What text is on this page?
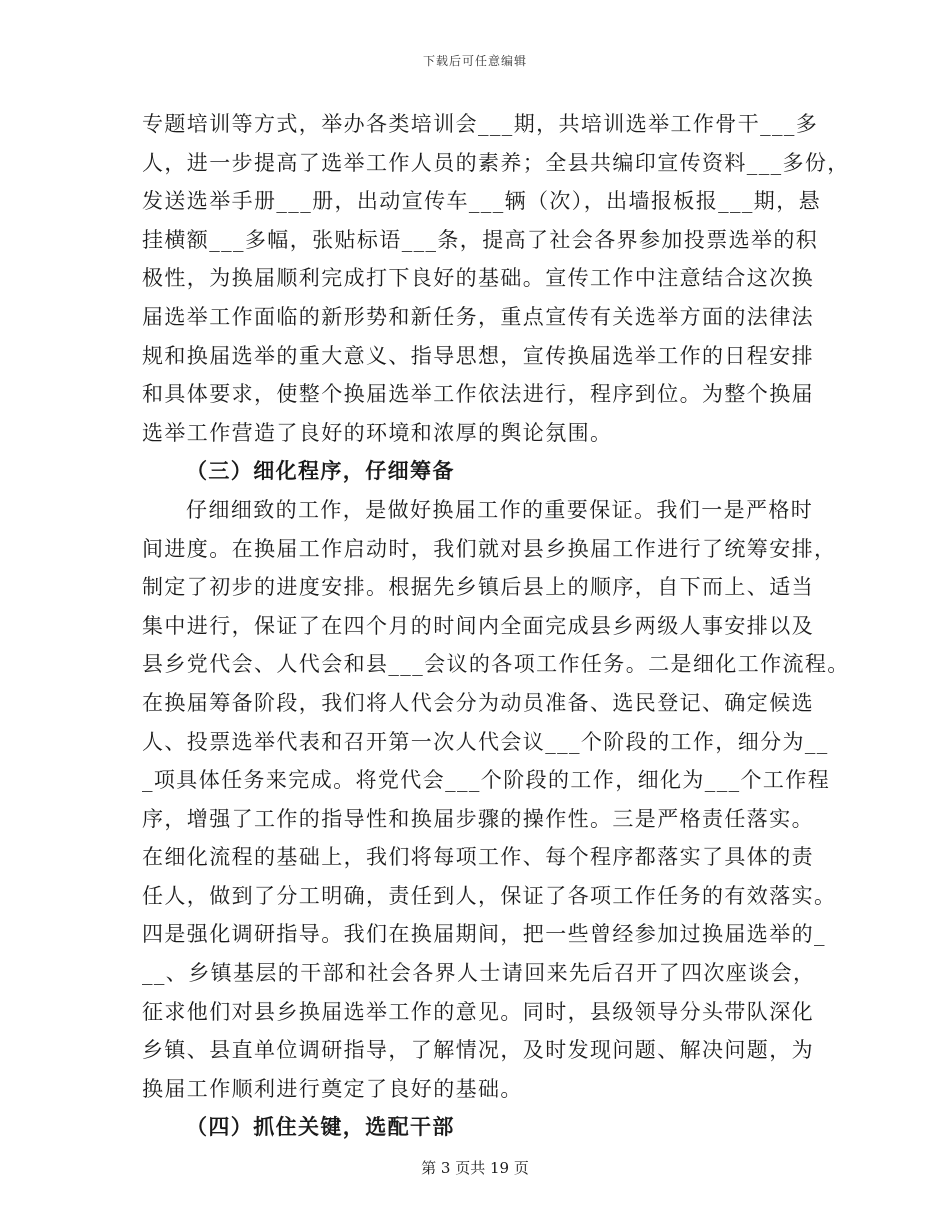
下载后可任意编辑
专题培训等方式，举办各类培训会___期，共培训选举工作骨干___多
人，进一步提高了选举工作人员的素养；全县共编印宣传资料___多份，
发送选举手册___册，出动宣传车___辆（次），出墙报板报___期，悬
挂横额___多幅，张贴标语___条，提高了社会各界参加投票选举的积
极性，为换届顺利完成打下良好的基础。宣传工作中注意结合这次换
届选举工作面临的新形势和新任务，重点宣传有关选举方面的法律法
规和换届选举的重大意义、指导思想，宣传换届选举工作的日程安排
和具体要求，使整个换届选举工作依法进行，程序到位。为整个换届
选举工作营造了良好的环境和浓厚的舆论氛围。
（三）细化程序，仔细筹备
仔细细致的工作，是做好换届工作的重要保证。我们一是严格时
间进度。在换届工作启动时，我们就对县乡换届工作进行了统筹安排，
制定了初步的进度安排。根据先乡镇后县上的顺序，自下而上、适当
集中进行，保证了在四个月的时间内全面完成县乡两级人事安排以及
县乡党代会、人代会和县___会议的各项工作任务。二是细化工作流程。
在换届筹备阶段，我们将人代会分为动员准备、选民登记、确定候选
人、投票选举代表和召开第一次人代会议___个阶段的工作，细分为__
_项具体任务来完成。将党代会___个阶段的工作，细化为___个工作程
序，增强了工作的指导性和换届步骤的操作性。三是严格责任落实。
在细化流程的基础上，我们将每项工作、每个程序都落实了具体的责
任人，做到了分工明确，责任到人，保证了各项工作任务的有效落实。
四是强化调研指导。我们在换届期间，把一些曾经参加过换届选举的_
__、乡镇基层的干部和社会各界人士请回来先后召开了四次座谈会，
征求他们对县乡换届选举工作的意见。同时，县级领导分头带队深化
乡镇、县直单位调研指导，了解情况，及时发现问题、解决问题，为
换届工作顺利进行奠定了良好的基础。
（四）抓住关键，选配干部
第 3 页共 19 页
